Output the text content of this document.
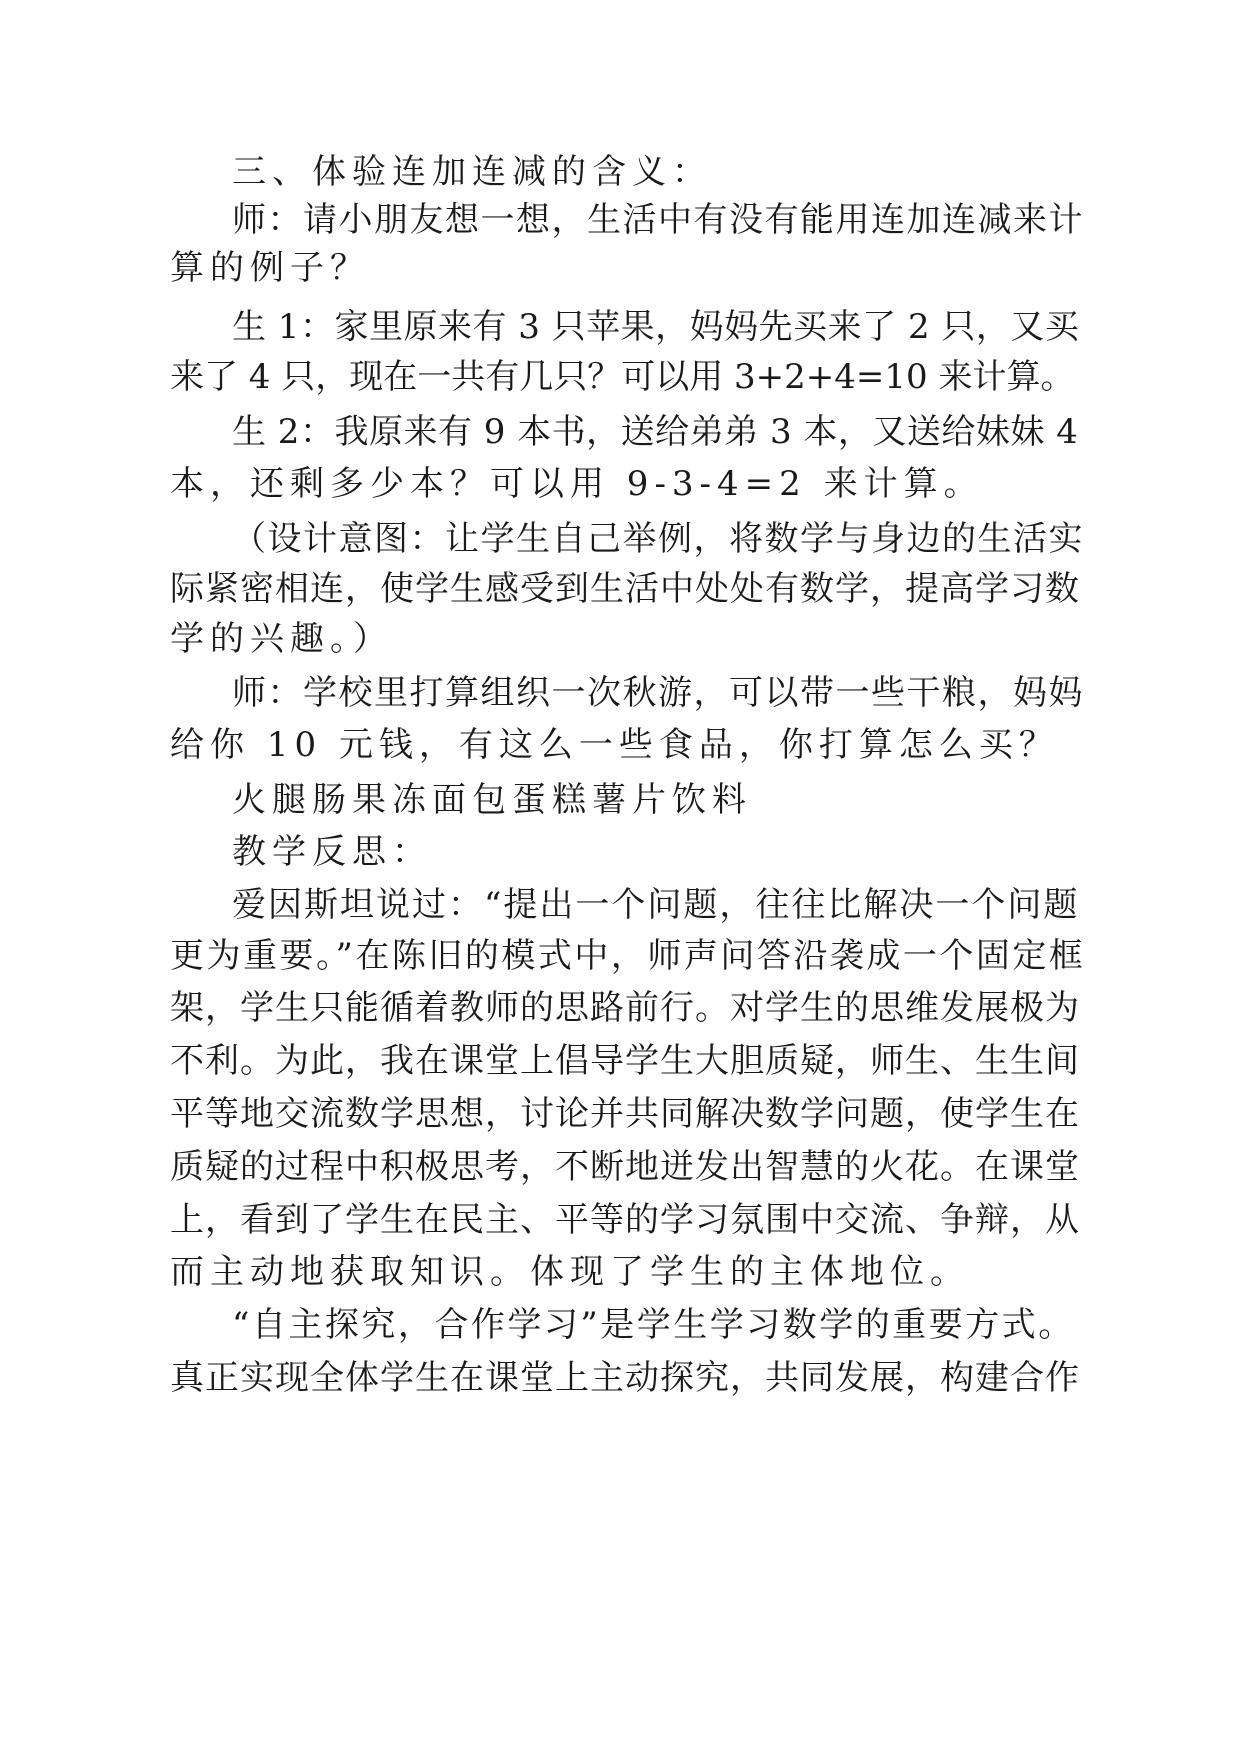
三、体验连加连减的含义：

师：请小朋友想一想，生活中有没有能用连加连减来计

算的例子？

生 1：家里原来有 3 只苹果，妈妈先买来了 2 只，又买

来了 4 只，现在一共有几只？可以用 3+2+4=10 来计算。

生 2：我原来有 9 本书，送给弟弟 3 本，又送给妹妹 4

本，还剩多少本？可以用 9-3-4=2 来计算。

（设计意图：让学生自己举例，将数学与身边的生活实

际紧密相连，使学生感受到生活中处处有数学，提高学习数

学的兴趣。）

师：学校里打算组织一次秋游，可以带一些干粮，妈妈

给你 10 元钱，有这么一些食品，你打算怎么买？

火腿肠果冻面包蛋糕薯片饮料

教学反思：

爱因斯坦说过：“提出一个问题，往往比解决一个问题

更为重要。”在陈旧的模式中，师声问答沿袭成一个固定框

架，学生只能循着教师的思路前行。对学生的思维发展极为

不利。为此，我在课堂上倡导学生大胆质疑，师生、生生间

平等地交流数学思想，讨论并共同解决数学问题，使学生在

质疑的过程中积极思考，不断地迸发出智慧的火花。在课堂

上，看到了学生在民主、平等的学习氛围中交流、争辩，从

而主动地获取知识。体现了学生的主体地位。

“自主探究，合作学习”是学生学习数学的重要方式。

真正实现全体学生在课堂上主动探究，共同发展，构建合作
